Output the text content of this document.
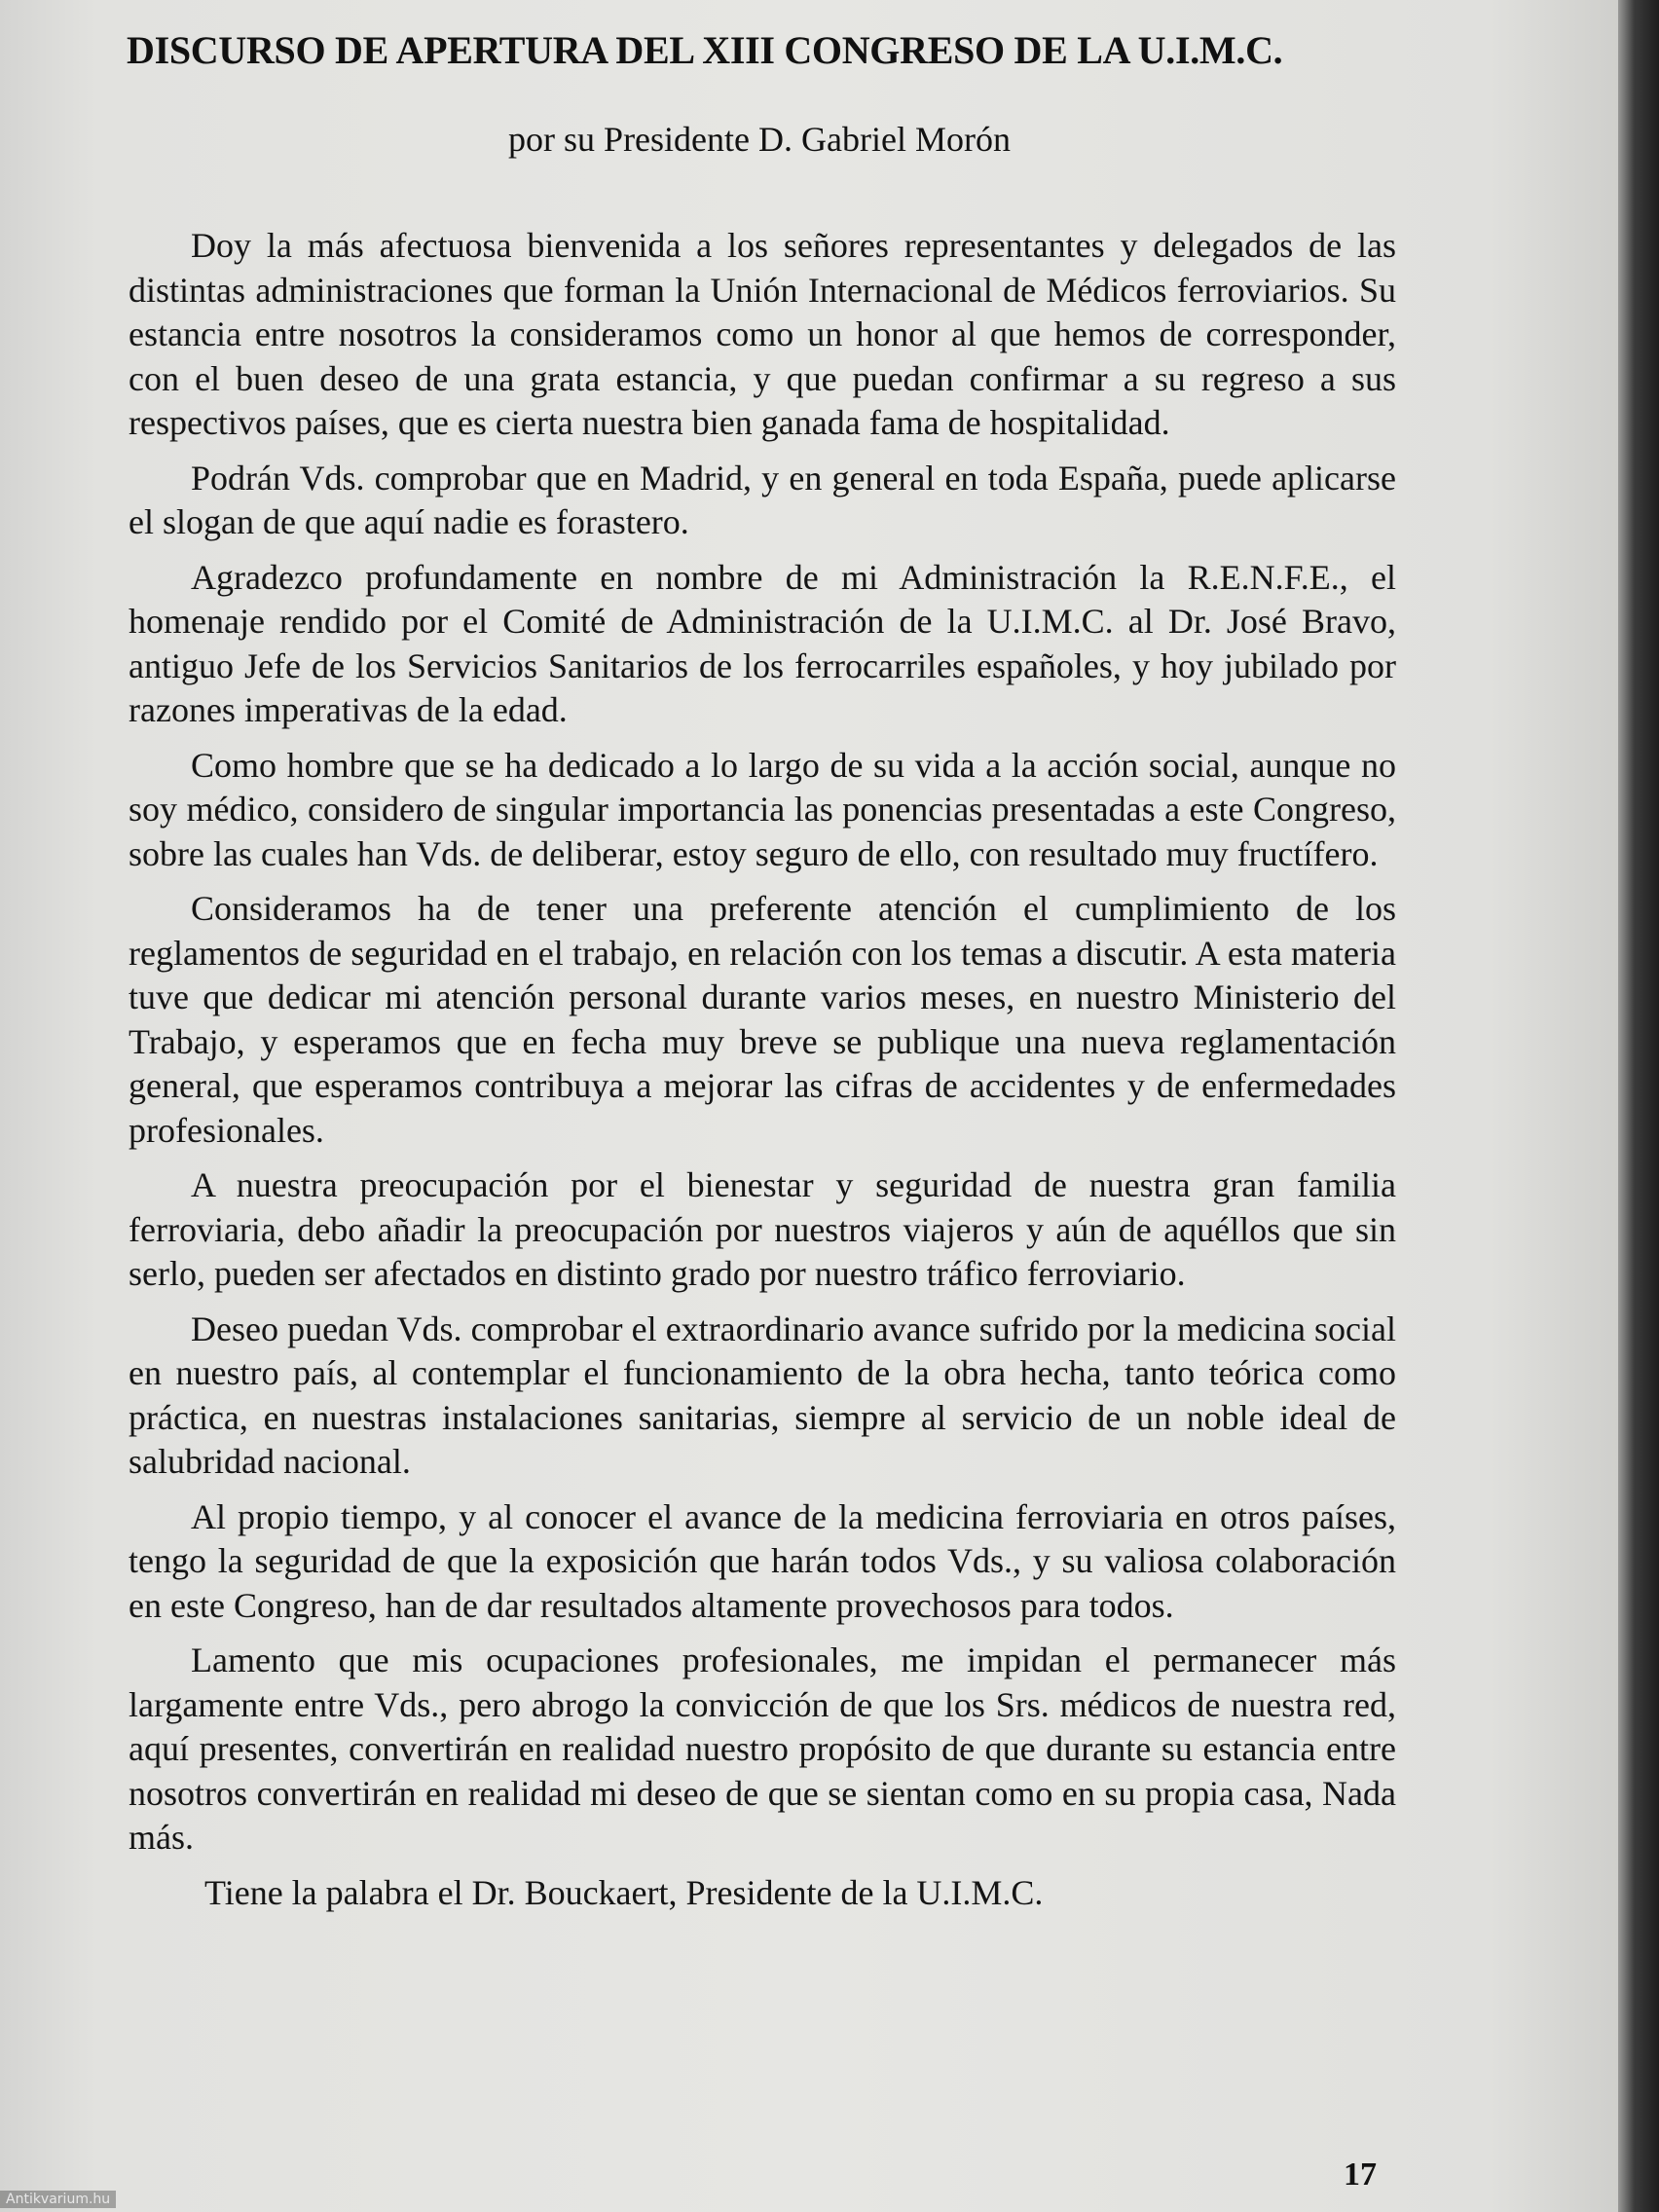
DISCURSO DE APERTURA DEL XIII CONGRESO DE LA U.I.M.C.
por su Presidente D. Gabriel Morón

Doy la más afectuosa bienvenida a los señores representantes y delegados de las distintas administraciones que forman la Unión Internacional de Médicos ferroviarios. Su estancia entre nosotros la consideramos como un honor al que hemos de corresponder, con el buen deseo de una grata estancia, y que puedan confirmar a su regreso a sus respectivos países, que es cierta nuestra bien ganada fama de hospitalidad.

Podrán Vds. comprobar que en Madrid, y en general en toda España, puede aplicarse el slogan de que aquí nadie es forastero.

Agradezco profundamente en nombre de mi Administración la R.E.N.F.E., el homenaje rendido por el Comité de Administración de la U.I.M.C. al Dr. José Bravo, antiguo Jefe de los Servicios Sanitarios de los ferrocarriles españoles, y hoy jubilado por razones imperativas de la edad.

Como hombre que se ha dedicado a lo largo de su vida a la acción social, aunque no soy médico, considero de singular importancia las ponencias presentadas a este Congreso, sobre las cuales han Vds. de deliberar, estoy seguro de ello, con resultado muy fructífero.

Consideramos ha de tener una preferente atención el cumplimiento de los reglamentos de seguridad en el trabajo, en relación con los temas a discutir. A esta materia tuve que dedicar mi atención personal durante varios meses, en nuestro Ministerio del Trabajo, y esperamos que en fecha muy breve se publique una nueva reglamentación general, que esperamos contribuya a mejorar las cifras de accidentes y de enfermedades profesionales.

A nuestra preocupación por el bienestar y seguridad de nuestra gran familia ferroviaria, debo añadir la preocupación por nuestros viajeros y aún de aquéllos que sin serlo, pueden ser afectados en distinto grado por nuestro tráfico ferroviario.

Deseo puedan Vds. comprobar el extraordinario avance sufrido por la medicina social en nuestro país, al contemplar el funcionamiento de la obra hecha, tanto teórica como práctica, en nuestras instalaciones sanitarias, siempre al servicio de un noble ideal de salubridad nacional.

Al propio tiempo, y al conocer el avance de la medicina ferroviaria en otros países, tengo la seguridad de que la exposición que harán todos Vds., y su valiosa colaboración en este Congreso, han de dar resultados altamente provechosos para todos.

Lamento que mis ocupaciones profesionales, me impidan el permanecer más largamente entre Vds., pero abrogo la convicción de que los Srs. médicos de nuestra red, aquí presentes, convertirán en realidad nuestro propósito de que durante su estancia entre nosotros convertirán en realidad mi deseo de que se sientan como en su propia casa, Nada más.

Tiene la palabra el Dr. Bouckaert, Presidente de la U.I.M.C.

17
Antikvarium.hu
